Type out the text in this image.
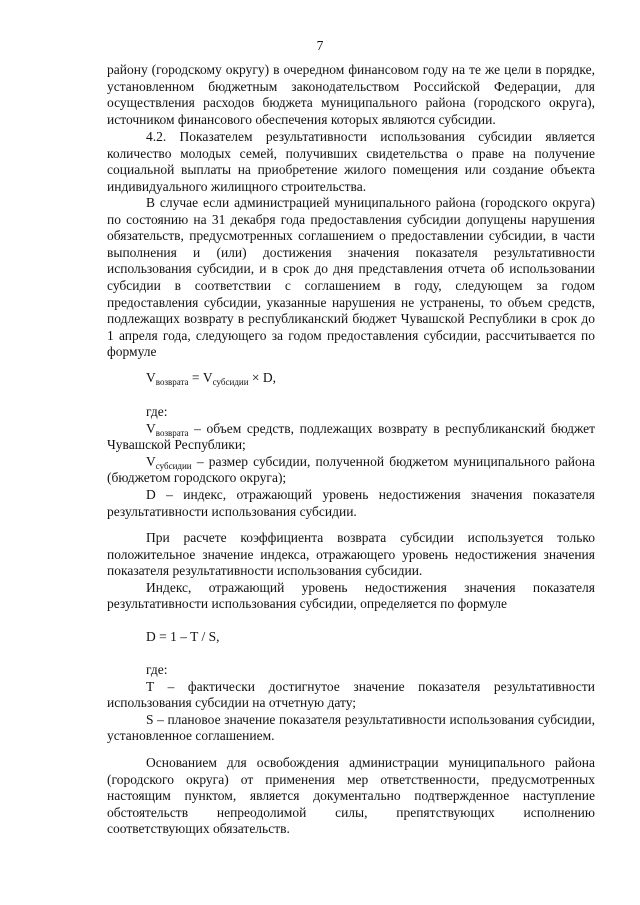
7

району (городскому округу) в очередном финансовом году на те же цели в порядке, установленном бюджетным законодательством Российской Федерации, для осуществления расходов бюджета муниципального района (городского округа), источником финансового обеспечения которых являются субсидии.

4.2. Показателем результативности использования субсидии является количество молодых семей, получивших свидетельства о праве на получение социальной выплаты на приобретение жилого помещения или создание объекта индивидуального жилищного строительства.

В случае если администрацией муниципального района (городского округа) по состоянию на 31 декабря года предоставления субсидии допущены нарушения обязательств, предусмотренных соглашением о предоставлении субсидии, в части выполнения и (или) достижения значения показателя результативности использования субсидии, и в срок до дня представления отчета об использовании субсидии в соответствии с соглашением в году, следующем за годом предоставления субсидии, указанные нарушения не устранены, то объем средств, подлежащих возврату в республиканский бюджет Чувашской Республики в срок до 1 апреля года, следующего за годом предоставления субсидии, рассчитывается по формуле

$V_{возврата} = V_{субсидии} \times D$,

где:

$V_{возврата}$ – объем средств, подлежащих возврату в республиканский бюджет Чувашской Республики;

$V_{субсидии}$ – размер субсидии, полученной бюджетом муниципального района (бюджетом городского округа);

D – индекс, отражающий уровень недостижения значения показателя результативности использования субсидии.

При расчете коэффициента возврата субсидии используется только положительное значение индекса, отражающего уровень недостижения значения показателя результативности использования субсидии.

Индекс, отражающий уровень недостижения значения показателя результативности использования субсидии, определяется по формуле

D = 1 – T / S,

где:

T – фактически достигнутое значение показателя результативности использования субсидии на отчетную дату;

S – плановое значение показателя результативности использования субсидии, установленное соглашением.

Основанием для освобождения администрации муниципального района (городского округа) от применения мер ответственности, предусмотренных настоящим пунктом, является документально подтвержденное наступление обстоятельств непреодолимой силы, препятствующих исполнению соответствующих обязательств.
